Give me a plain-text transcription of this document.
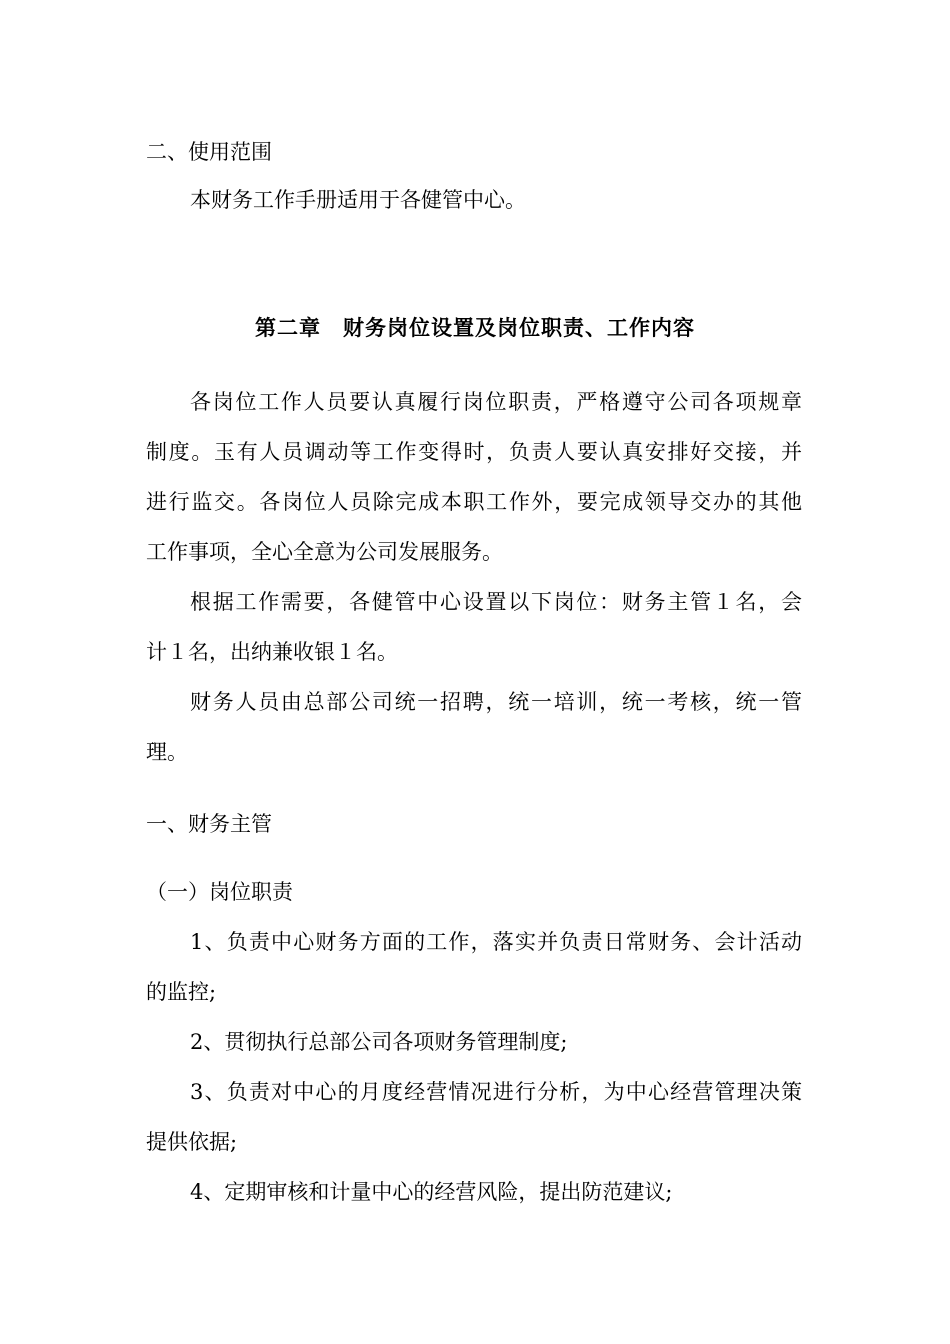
二、使用范围
本财务工作手册适用于各健管中心。
第二章　财务岗位设置及岗位职责、工作内容
各岗位工作人员要认真履行岗位职责，严格遵守公司各项规章
制度。玉有人员调动等工作变得时，负责人要认真安排好交接，并
进行监交。各岗位人员除完成本职工作外，要完成领导交办的其他
工作事项，全心全意为公司发展服务。
根据工作需要，各健管中心设置以下岗位：财务主管１名，会
计１名，出纳兼收银１名。
财务人员由总部公司统一招聘，统一培训，统一考核，统一管
理。
一、财务主管
（一）岗位职责
1、负责中心财务方面的工作，落实并负责日常财务、会计活动
的监控;
2、贯彻执行总部公司各项财务管理制度;
3、负责对中心的月度经营情况进行分析，为中心经营管理决策
提供依据;
4、定期审核和计量中心的经营风险，提出防范建议;
